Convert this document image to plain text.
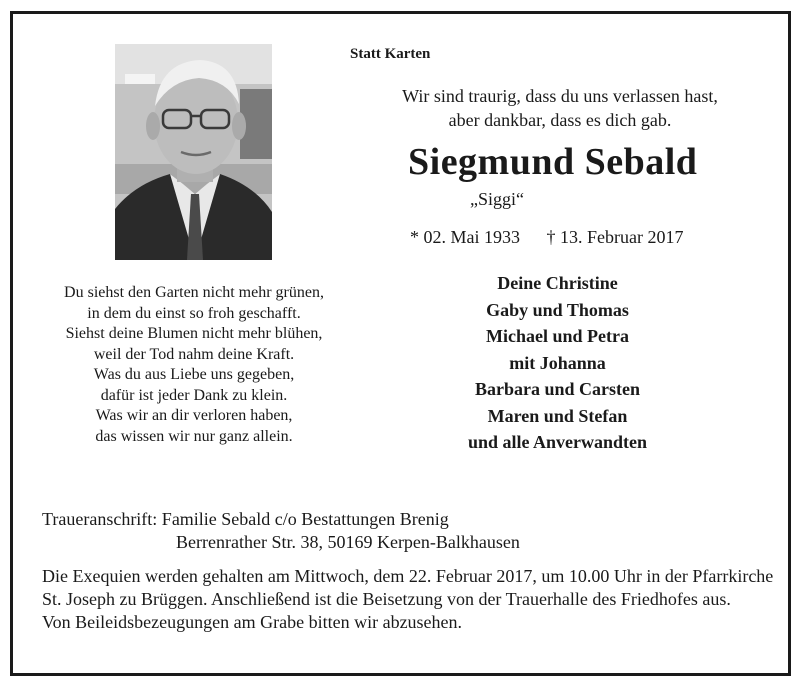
Statt Karten
Wir sind traurig, dass du uns verlassen hast,
aber dankbar, dass es dich gab.
Siegmund Sebald
„Siggi“
* 02. Mai 1933 † 13. Februar 2017
Du siehst den Garten nicht mehr grünen,
in dem du einst so froh geschafft.
Siehst deine Blumen nicht mehr blühen,
weil der Tod nahm deine Kraft.
Was du aus Liebe uns gegeben,
dafür ist jeder Dank zu klein.
Was wir an dir verloren haben,
das wissen wir nur ganz allein.
Deine Christine
Gaby und Thomas
Michael und Petra
mit Johanna
Barbara und Carsten
Maren und Stefan
und alle Anverwandten
Traueranschrift: Familie Sebald c/o Bestattungen Brenig
Berrenrather Str. 38, 50169 Kerpen-Balkhausen

Die Exequien werden gehalten am Mittwoch, dem 22. Februar 2017, um 10.00 Uhr in der Pfarrkirche St. Joseph zu Brüggen. Anschließend ist die Beisetzung von der Trauerhalle des Friedhofes aus.

Von Beileidsbezeugungen am Grabe bitten wir abzusehen.
